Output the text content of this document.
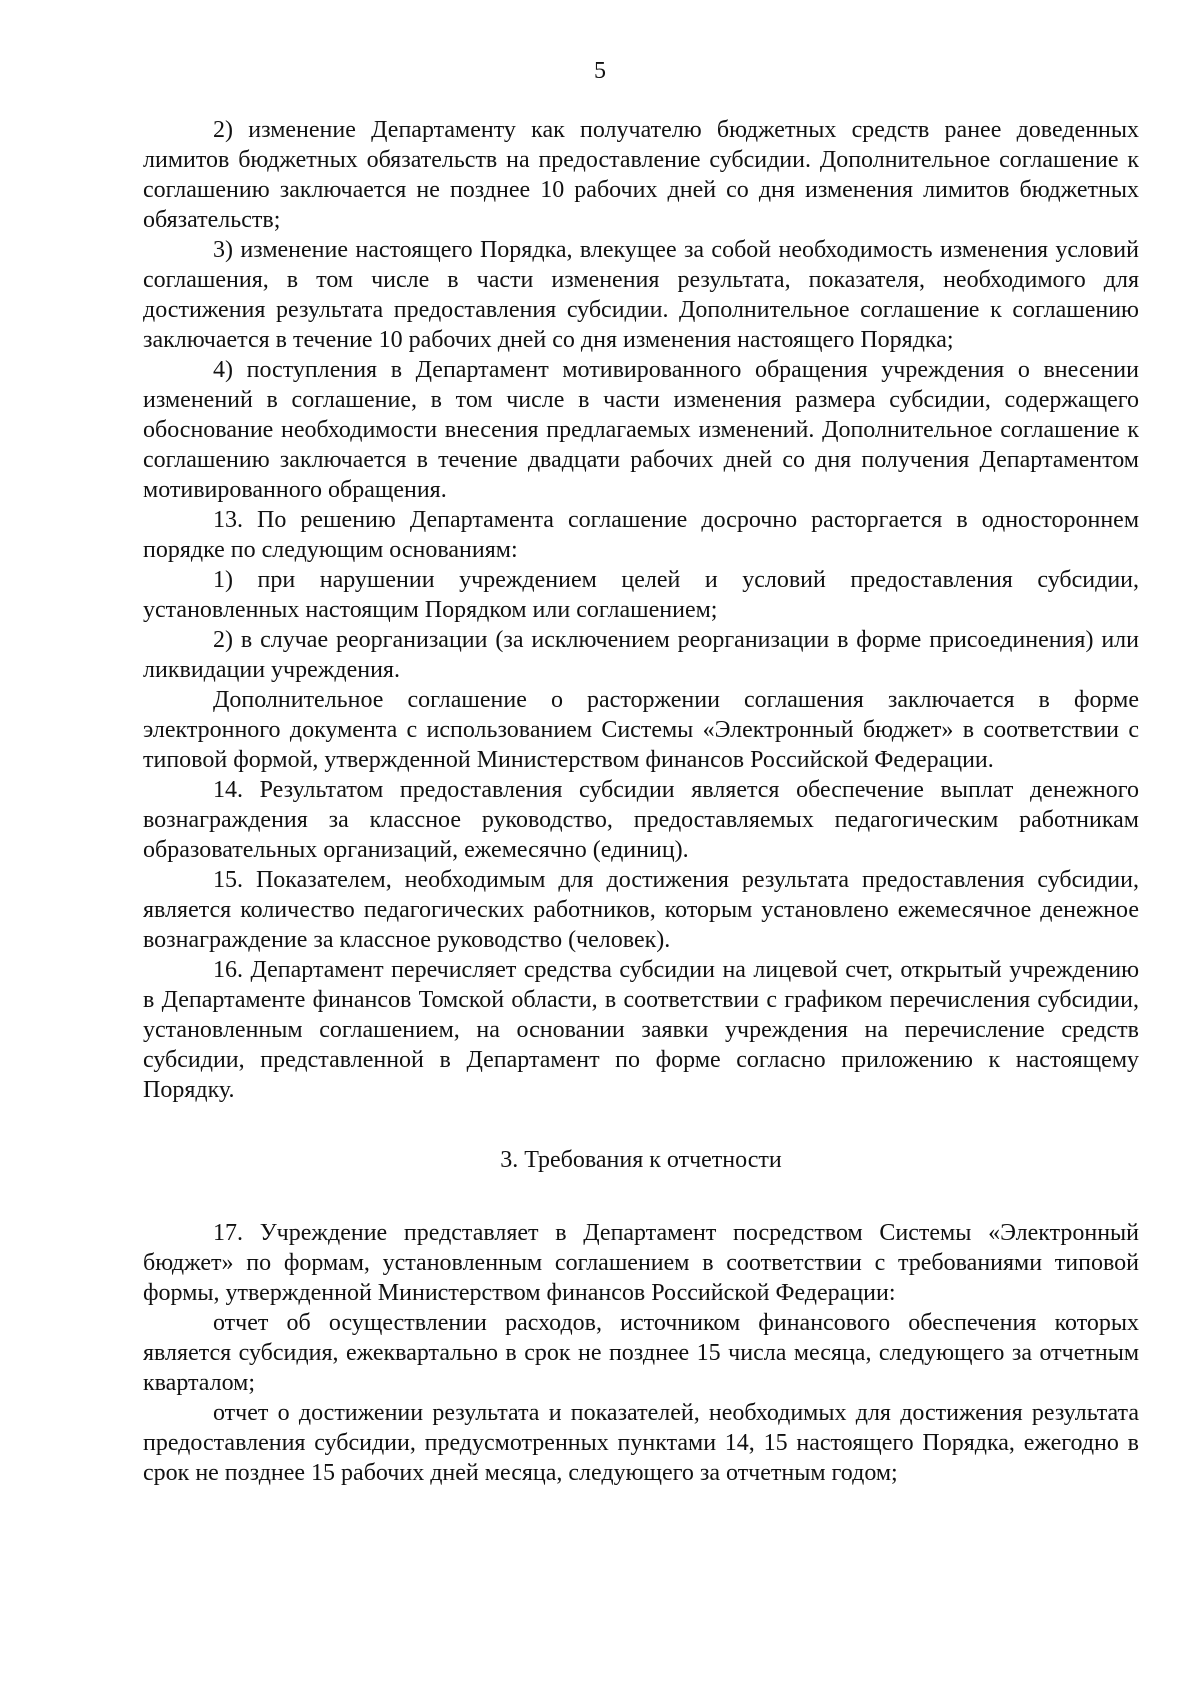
5

2) изменение Департаменту как получателю бюджетных средств ранее доведенных лимитов бюджетных обязательств на предоставление субсидии. Дополнительное соглашение к соглашению заключается не позднее 10 рабочих дней со дня изменения лимитов бюджетных обязательств;

3) изменение настоящего Порядка, влекущее за собой необходимость изменения условий соглашения, в том числе в части изменения результата, показателя, необходимого для достижения результата предоставления субсидии. Дополнительное соглашение к соглашению заключается в течение 10 рабочих дней со дня изменения настоящего Порядка;

4) поступления в Департамент мотивированного обращения учреждения о внесении изменений в соглашение, в том числе в части изменения размера субсидии, содержащего обоснование необходимости внесения предлагаемых изменений. Дополнительное соглашение к соглашению заключается в течение двадцати рабочих дней со дня получения Департаментом мотивированного обращения.

13. По решению Департамента соглашение досрочно расторгается в одностороннем порядке по следующим основаниям:

1) при нарушении учреждением целей и условий предоставления субсидии, установленных настоящим Порядком или соглашением;

2) в случае реорганизации (за исключением реорганизации в форме присоединения) или ликвидации учреждения.

Дополнительное соглашение о расторжении соглашения заключается в форме электронного документа с использованием Системы «Электронный бюджет» в соответствии с типовой формой, утвержденной Министерством финансов Российской Федерации.

14. Результатом предоставления субсидии является обеспечение выплат денежного вознаграждения за классное руководство, предоставляемых педагогическим работникам образовательных организаций, ежемесячно (единиц).

15. Показателем, необходимым для достижения результата предоставления субсидии, является количество педагогических работников, которым установлено ежемесячное денежное вознаграждение за классное руководство (человек).

16. Департамент перечисляет средства субсидии на лицевой счет, открытый учреждению в Департаменте финансов Томской области, в соответствии с графиком перечисления субсидии, установленным соглашением, на основании заявки учреждения на перечисление средств субсидии, представленной в Департамент по форме согласно приложению к настоящему Порядку.

3. Требования к отчетности

17. Учреждение представляет в Департамент посредством Системы «Электронный бюджет» по формам, установленным соглашением в соответствии с требованиями типовой формы, утвержденной Министерством финансов Российской Федерации:

отчет об осуществлении расходов, источником финансового обеспечения которых является субсидия, ежеквартально в срок не позднее 15 числа месяца, следующего за отчетным кварталом;

отчет о достижении результата и показателей, необходимых для достижения результата предоставления субсидии, предусмотренных пунктами 14, 15 настоящего Порядка, ежегодно в срок не позднее 15 рабочих дней месяца, следующего за отчетным годом;
